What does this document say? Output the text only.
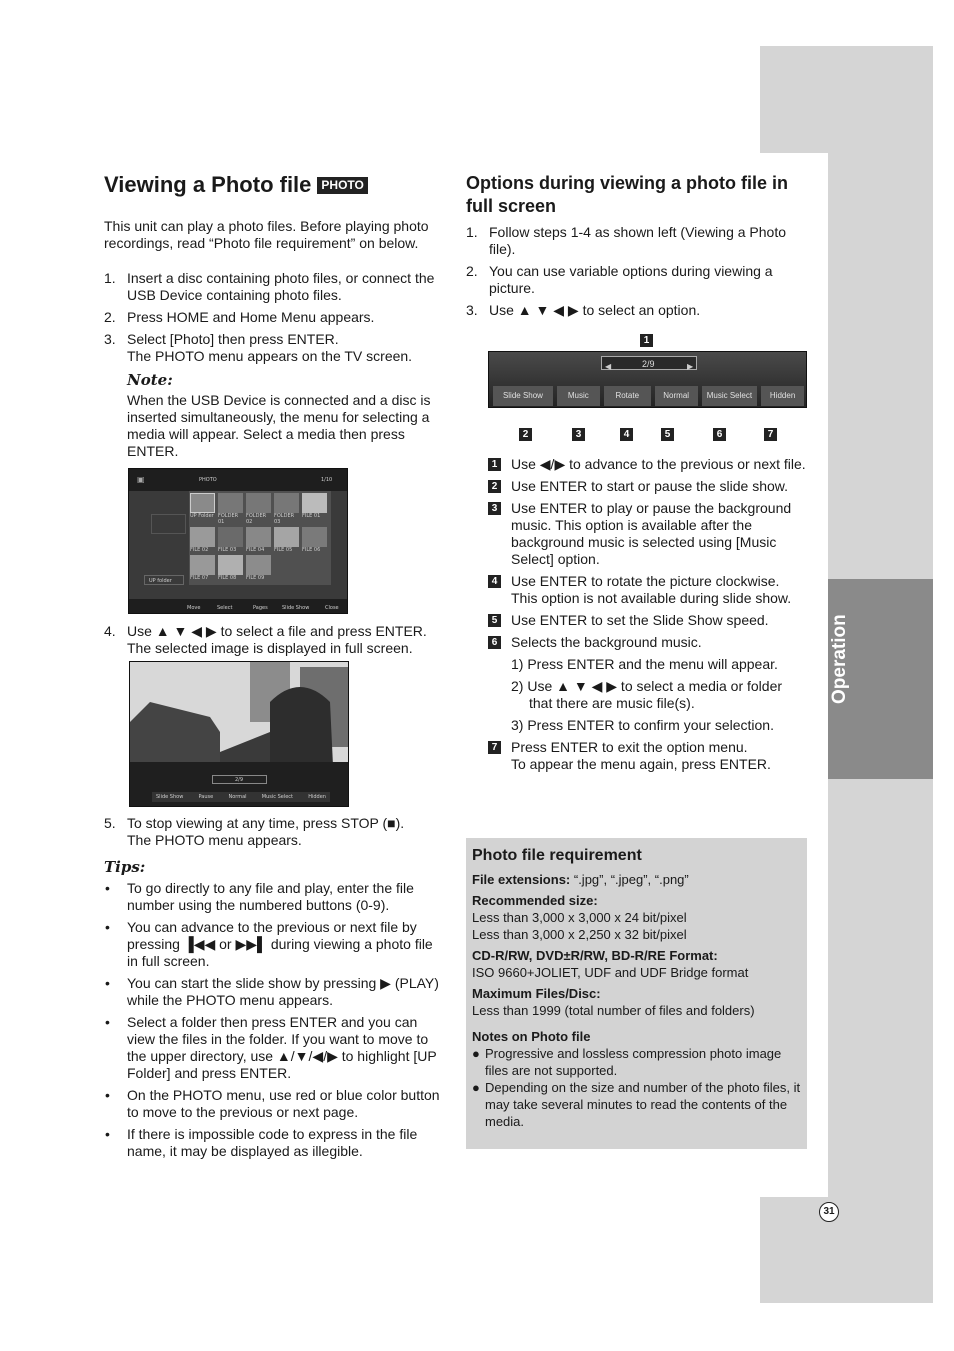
Operation
31
Viewing a Photo file PHOTO

This unit can play a photo files. Before playing photo recordings, read “Photo file requirement” on below.

1. Insert a disc containing photo files, or connect the USB Device containing photo files.
2. Press HOME and Home Menu appears.
3. Select [Photo] then press ENTER.
The PHOTO menu appears on the TV screen.
Note:

When the USB Device is connected and a disc is inserted simultaneously, the menu for selecting a media will appear. Select a media then press ENTER.

▣	PHOTO	1/10
UP folder
UP Folder FOLDER 01
FOLDER 02
FOLDER 03
FILE 01
FILE 02	FILE 03	FILE 04	FILE 05	FILE 06
FILE 07	FILE 08	FILE 09
Move	Select	Pages	Slide Show	Close
4. Use ▲ ▼ ◀ ▶ to select a file and press ENTER.
The selected image is displayed in full screen.
2/9
Slide Show	Pause	Normal	Music Select	Hidden
5. To stop viewing at any time, press STOP (■).
The PHOTO menu appears.
Tips:
• To go directly to any file and play, enter the file number using the numbered buttons (0-9).
• You can advance to the previous or next file by pressing ▐◀◀ or ▶▶▌ during viewing a photo file in full screen.
• You can start the slide show by pressing ▶ (PLAY) while the PHOTO menu appears.
• Select a folder then press ENTER and you can view the files in the folder. If you want to move to the upper directory, use ▲/▼/◀/▶ to highlight [UP Folder] and press ENTER.
• On the PHOTO menu, use red or blue color button to move to the previous or next page.
• If there is impossible code to express in the file name, it may be displayed as illegible.
Options during viewing a photo file in full screen
1. Follow steps 1-4 as shown left (Viewing a Photo file).
2. You can use variable options during viewing a picture.
3. Use ▲ ▼ ◀ ▶ to select an option.
1
◀	2/9	▶
Slide Show	Music	Rotate	Normal	Music Select	Hidden
2	3	4	5	6	7
1 Use ◀/▶ to advance to the previous or next file.
2 Use ENTER to start or pause the slide show.
3 Use ENTER to play or pause the background music. This option is available after the background music is selected using [Music Select] option.
4 Use ENTER to rotate the picture clockwise. This option is not available during slide show.
5 Use ENTER to set the Slide Show speed.
6 Selects the background music.
1) Press ENTER and the menu will appear.
2) Use ▲ ▼ ◀ ▶ to select a media or folder that there are music file(s).
3) Press ENTER to confirm your selection.
7 Press ENTER to exit the option menu.
To appear the menu again, press ENTER.
Photo file requirement
File extensions: “.jpg”, “.jpeg”, “.png”
Recommended size:
Less than 3,000 x 3,000 x 24 bit/pixel
Less than 3,000 x 2,250 x 32 bit/pixel
CD-R/RW, DVD±R/RW, BD-R/RE Format:
ISO 9660+JOLIET, UDF and UDF Bridge format
Maximum Files/Disc:
Less than 1999 (total number of files and folders)
Notes on Photo file
● Progressive and lossless compression photo image files are not supported.
● Depending on the size and number of the photo files, it may take several minutes to read the contents of the media.
